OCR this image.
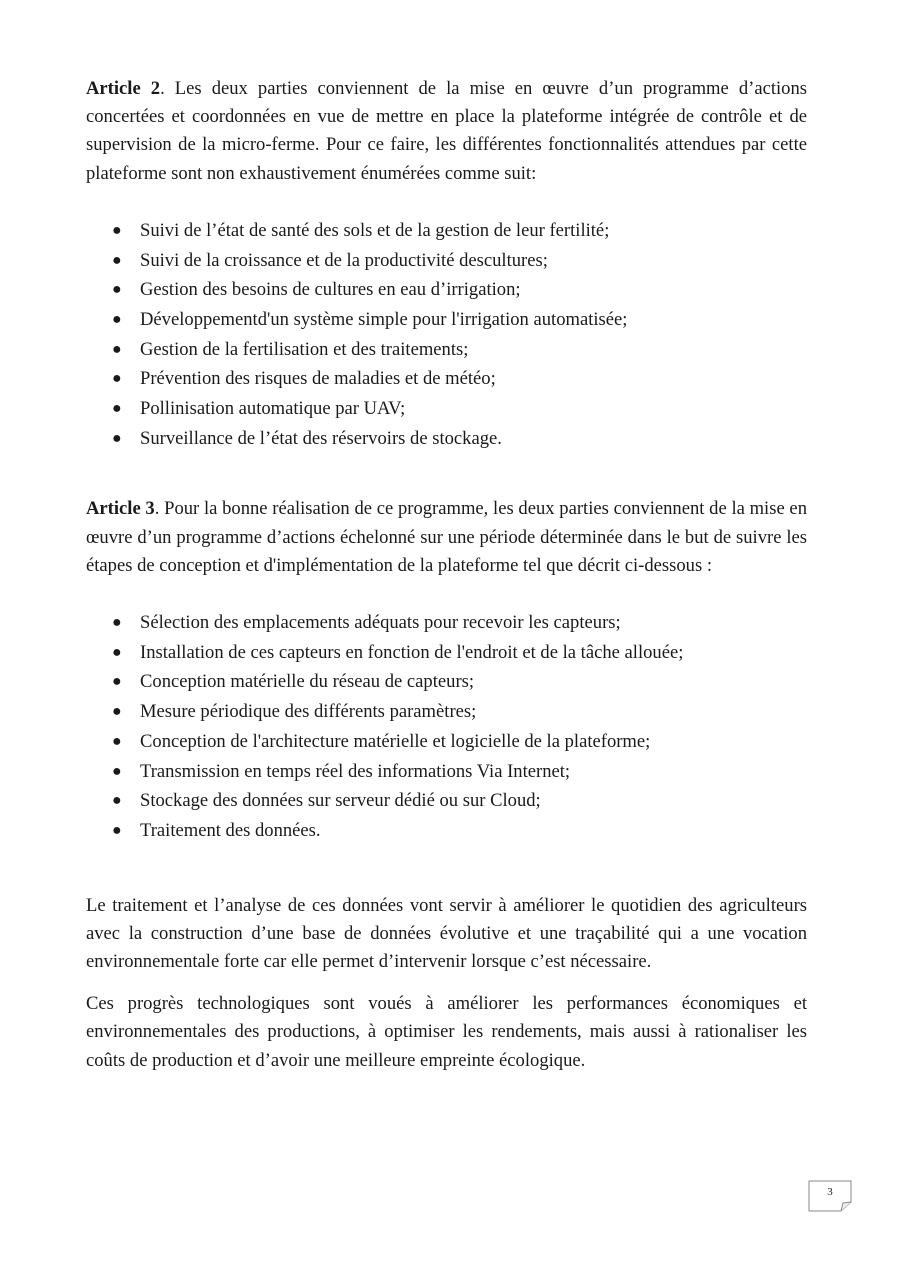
Article 2. Les deux parties conviennent de la mise en œuvre d’un programme d’actions concertées et coordonnées en vue de mettre en place la plateforme intégrée de contrôle et de supervision de la micro-ferme. Pour ce faire, les différentes fonctionnalités attendues par cette plateforme sont non exhaustivement énumérées comme suit:

● Suivi de l’état de santé des sols et de la gestion de leur fertilité;
● Suivi de la croissance et de la productivité descultures;
● Gestion des besoins de cultures en eau d’irrigation;
● Développementd'un système simple pour l'irrigation automatisée;
● Gestion de la fertilisation et des traitements;
● Prévention des risques de maladies et de météo;
● Pollinisation automatique par UAV;
● Surveillance de l’état des réservoirs de stockage.

Article 3. Pour la bonne réalisation de ce programme, les deux parties conviennent de la mise en œuvre d’un programme d’actions échelonné sur une période déterminée dans le but de suivre les étapes de conception et d'implémentation de la plateforme tel que décrit ci-dessous :

● Sélection des emplacements adéquats pour recevoir les capteurs;
● Installation de ces capteurs en fonction de l'endroit et de la tâche allouée;
● Conception matérielle du réseau de capteurs;
● Mesure périodique des différents paramètres;
● Conception de l'architecture matérielle et logicielle de la plateforme;
● Transmission en temps réel des informations Via Internet;
● Stockage des données sur serveur dédié ou sur Cloud;
● Traitement des données.

Le traitement et l’analyse de ces données vont servir à améliorer le quotidien des agriculteurs avec la construction d’une base de données évolutive et une traçabilité qui a une vocation environnementale forte car elle permet d’intervenir lorsque c’est nécessaire.

Ces progrès technologiques sont voués à améliorer les performances économiques et environnementales des productions, à optimiser les rendements, mais aussi à rationaliser les coûts de production et d’avoir une meilleure empreinte écologique.

3
